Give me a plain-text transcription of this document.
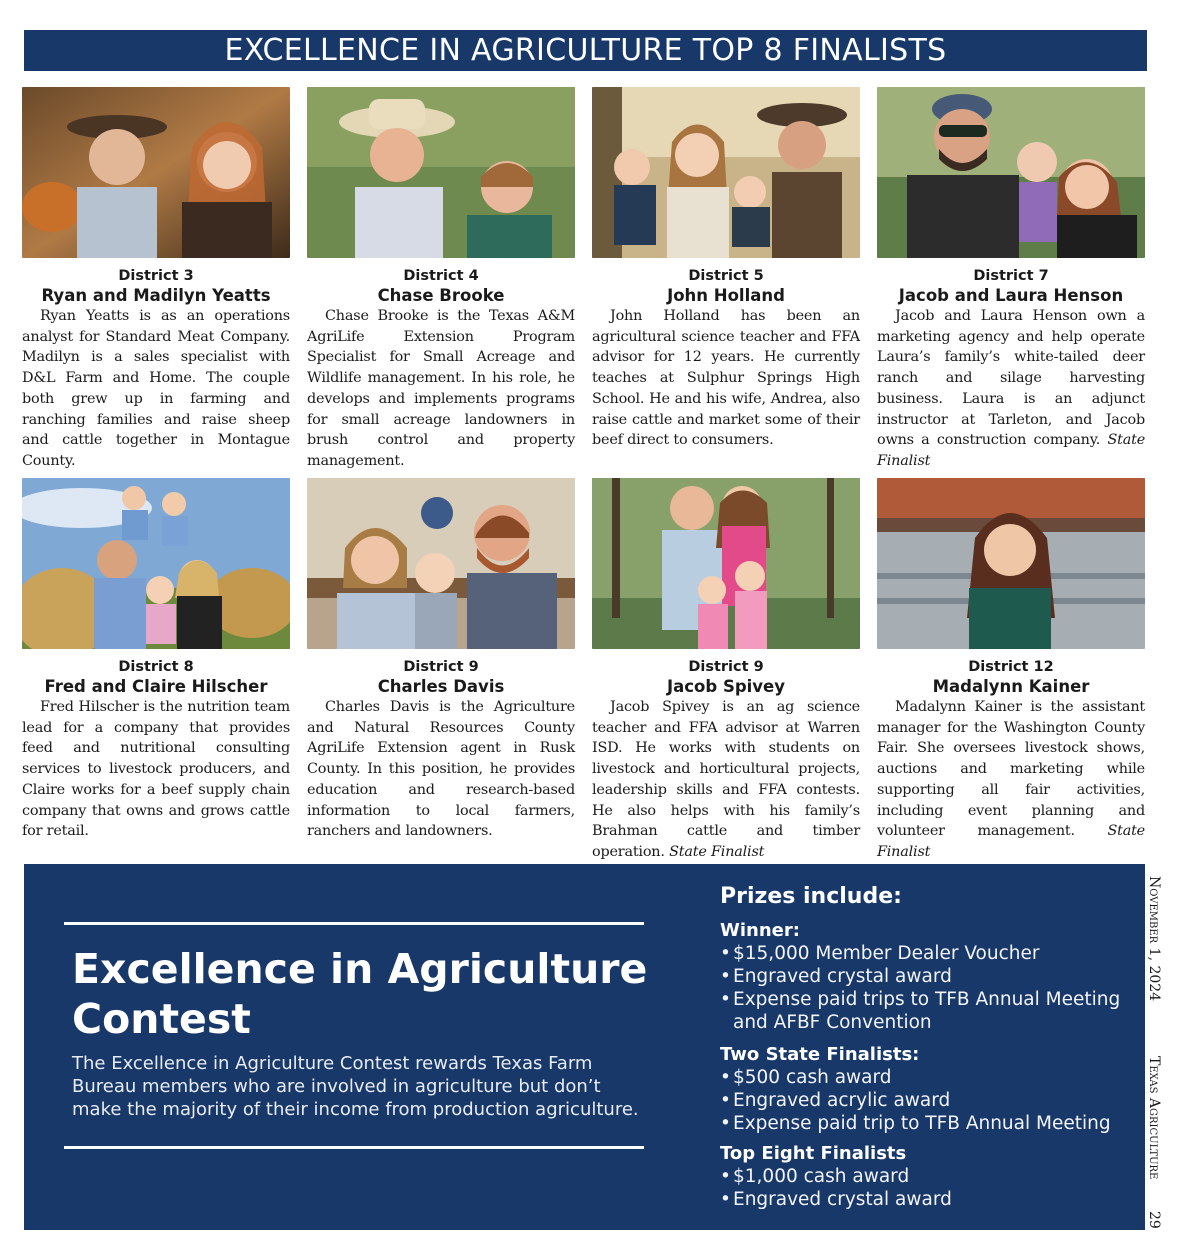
EXCELLENCE IN AGRICULTURE TOP 8 FINALISTS
District 3
Ryan and Madilyn Yeatts

Ryan Yeatts is as an operations analyst for Standard Meat Company. Madilyn is a sales specialist with D&L Farm and Home. The couple both grew up in farming and ranching families and raise sheep and cattle together in Montague County.

District 4
Chase Brooke

Chase Brooke is the Texas A&M AgriLife Extension Program Specialist for Small Acreage and Wildlife management. In his role, he develops and implements programs for small acreage landowners in brush control and property management.

District 5
John Holland

John Holland has been an agricultural science teacher and FFA advisor for 12 years. He currently teaches at Sulphur Springs High School. He and his wife, Andrea, also raise cattle and market some of their beef direct to consumers.

District 7
Jacob and Laura Henson

Jacob and Laura Henson own a marketing agency and help operate Laura’s family’s white-tailed deer ranch and silage harvesting business. Laura is an adjunct instructor at Tarleton, and Jacob owns a construction company. State Finalist

District 8
Fred and Claire Hilscher

Fred Hilscher is the nutrition team lead for a company that provides feed and nutritional consulting services to livestock producers, and Claire works for a beef supply chain company that owns and grows cattle for retail.

District 9
Charles Davis

Charles Davis is the Agriculture and Natural Resources County AgriLife Extension agent in Rusk County. In this position, he provides education and research-based information to local farmers, ranchers and landowners.

District 9
Jacob Spivey

Jacob Spivey is an ag science teacher and FFA advisor at Warren ISD. He works with students on livestock and horticultural projects, leadership skills and FFA contests. He also helps with his family’s Brahman cattle and timber operation. State Finalist

District 12
Madalynn Kainer

Madalynn Kainer is the assistant manager for the Washington County Fair. She oversees livestock shows, auctions and marketing while supporting all fair activities, including event planning and volunteer management. State Finalist

Excellence in Agriculture Contest
The Excellence in Agriculture Contest rewards Texas Farm Bureau members who are involved in agriculture but don’t make the majority of their income from production agriculture.
Prizes include:
Winner:
• $15,000 Member Dealer Voucher
• Engraved crystal award
• Expense paid trips to TFB Annual Meeting and AFBF Convention
Two State Finalists:
• $500 cash award
• Engraved acrylic award
• Expense paid trip to TFB Annual Meeting
Top Eight Finalists
• $1,000 cash award
• Engraved crystal award
November 1, 2024
Texas Agriculture
29
